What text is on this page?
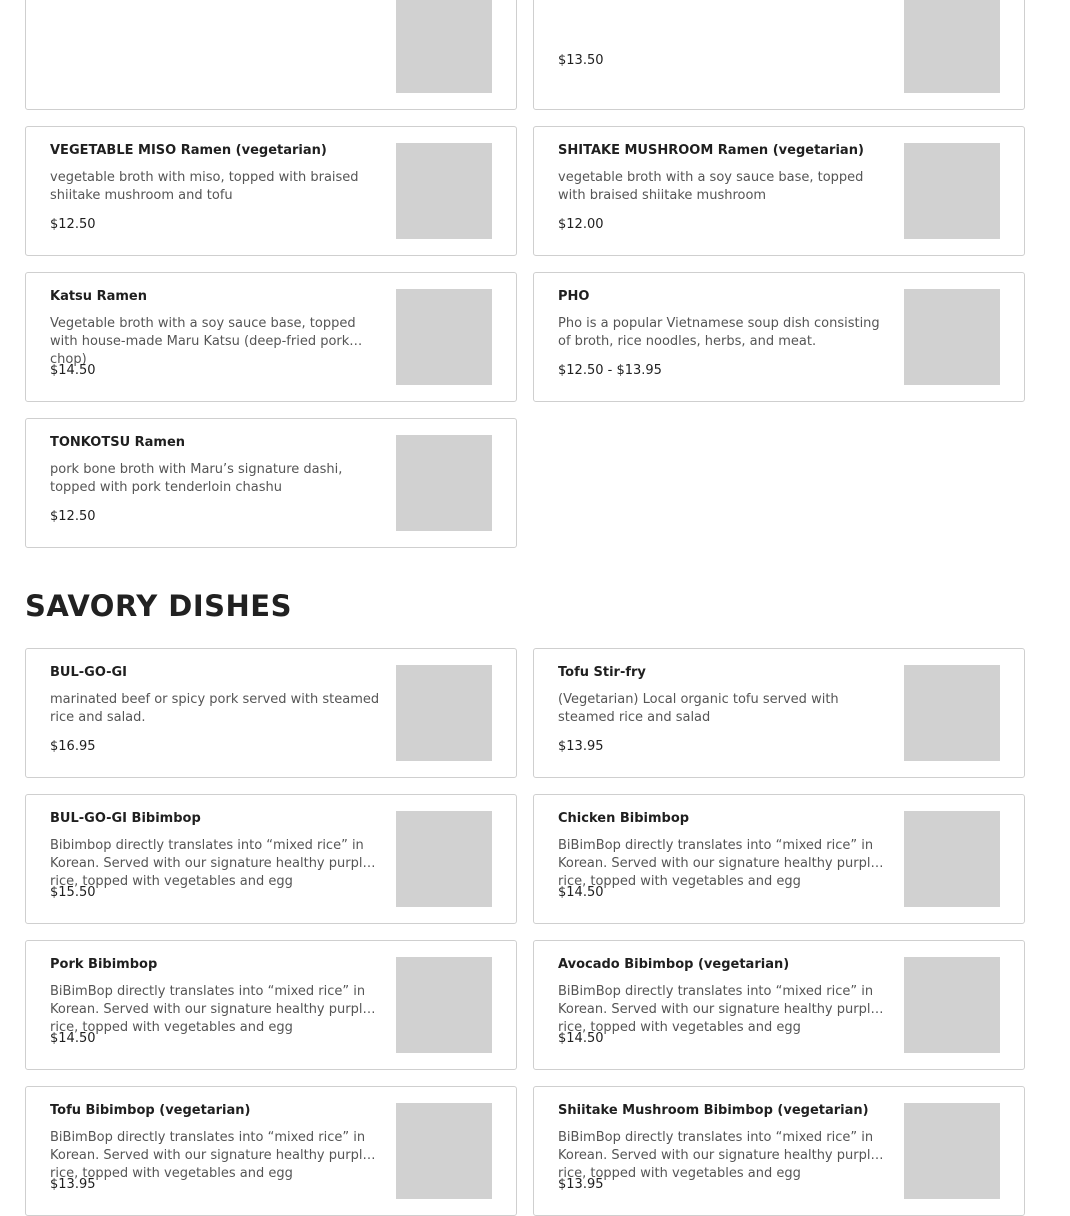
$13.50
VEGETABLE MISO Ramen (vegetarian)
vegetable broth with miso, topped with braised shiitake mushroom and tofu
$12.50
SHITAKE MUSHROOM Ramen (vegetarian)
vegetable broth with a soy sauce base, topped with braised shiitake mushroom
$12.00
Katsu Ramen
Vegetable broth with a soy sauce base, topped with house-made Maru Katsu (deep-fried pork chop)
$14.50
PHO
Pho is a popular Vietnamese soup dish consisting of broth, rice noodles, herbs, and meat.
$12.50 - $13.95
TONKOTSU Ramen
pork bone broth with Maru’s signature dashi, topped with pork tenderloin chashu
$12.50
SAVORY DISHES
BUL-GO-GI
marinated beef or spicy pork served with steamed rice and salad.
$16.95
Tofu Stir-fry
(Vegetarian) Local organic tofu served with steamed rice and salad
$13.95
BUL-GO-GI Bibimbop
Bibimbop directly translates into “mixed rice” in Korean. Served with our signature healthy purple rice, topped with vegetables and egg
$15.50
Chicken Bibimbop
BiBimBop directly translates into “mixed rice” in Korean. Served with our signature healthy purple rice, topped with vegetables and egg
$14.50
Pork Bibimbop
BiBimBop directly translates into “mixed rice” in Korean. Served with our signature healthy purple rice, topped with vegetables and egg
$14.50
Avocado Bibimbop (vegetarian)
BiBimBop directly translates into “mixed rice” in Korean. Served with our signature healthy purple rice, topped with vegetables and egg
$14.50
Tofu Bibimbop (vegetarian)
BiBimBop directly translates into “mixed rice” in Korean. Served with our signature healthy purple rice, topped with vegetables and egg
$13.95
Shiitake Mushroom Bibimbop (vegetarian)
BiBimBop directly translates into “mixed rice” in Korean. Served with our signature healthy purple rice, topped with vegetables and egg
$13.95
